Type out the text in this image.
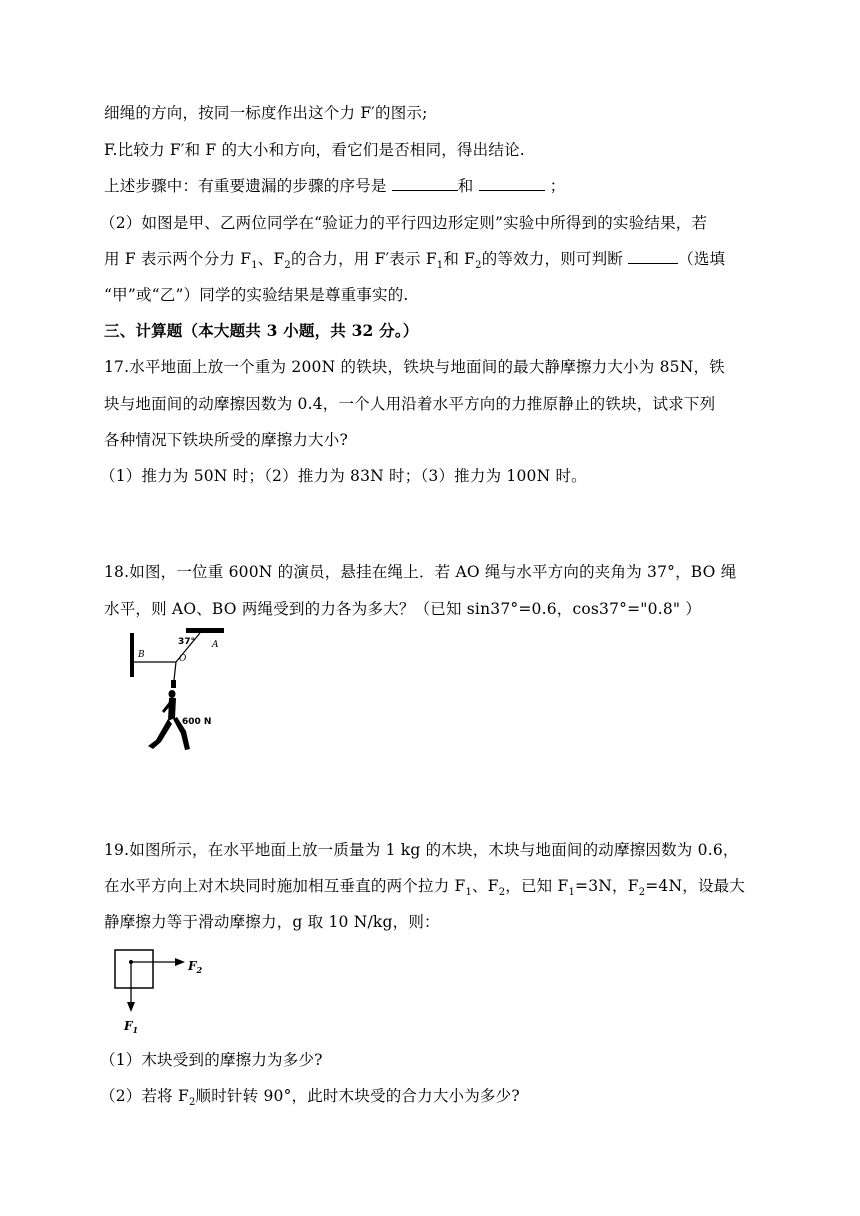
细绳的方向，按同一标度作出这个力 F′的图示;
F.比较力 F′和 F 的大小和方向，看它们是否相同，得出结论.
上述步骤中：有重要遗漏的步骤的序号是	和	；
（2）如图是甲、乙两位同学在“验证力的平行四边形定则”实验中所得到的实验结果，若
用 F 表示两个分力 $F_1$、$F_2$的合力，用 F′表示 $F_1$和 $F_2$的等效力，则可判断	（选填
“甲”或“乙”）同学的实验结果是尊重事实的.
三、计算题（本大题共 3 小题，共 32 分。）
17.水平地面上放一个重为 200N 的铁块，铁块与地面间的最大静摩擦力大小为 85N，铁
块与地面间的动摩擦因数为 0.4，一个人用沿着水平方向的力推原静止的铁块，试求下列
各种情况下铁块所受的摩擦力大小?
（1）推力为 50N 时；（2）推力为 83N 时；（3）推力为 100N 时。
18.如图，一位重 600N 的演员，悬挂在绳上．若 AO 绳与水平方向的夹角为 37°，BO 绳
水平，则 AO、BO 两绳受到的力各为多大？（已知 sin37°=0.6，cos37°="0.8" ）
B	O
A
37°
600 N
19.如图所示，在水平地面上放一质量为 1 kg 的木块，木块与地面间的动摩擦因数为 0.6，
在水平方向上对木块同时施加相互垂直的两个拉力 $F_1$、$F_2$，已知 $F_1=3N$，$F_2=4N$，设最大
静摩擦力等于滑动摩擦力，g 取 10 N/kg，则：
$F_2$
$F_1$
（1）木块受到的摩擦力为多少?
（2）若将 $F_2$顺时针转 90°，此时木块受的合力大小为多少?
